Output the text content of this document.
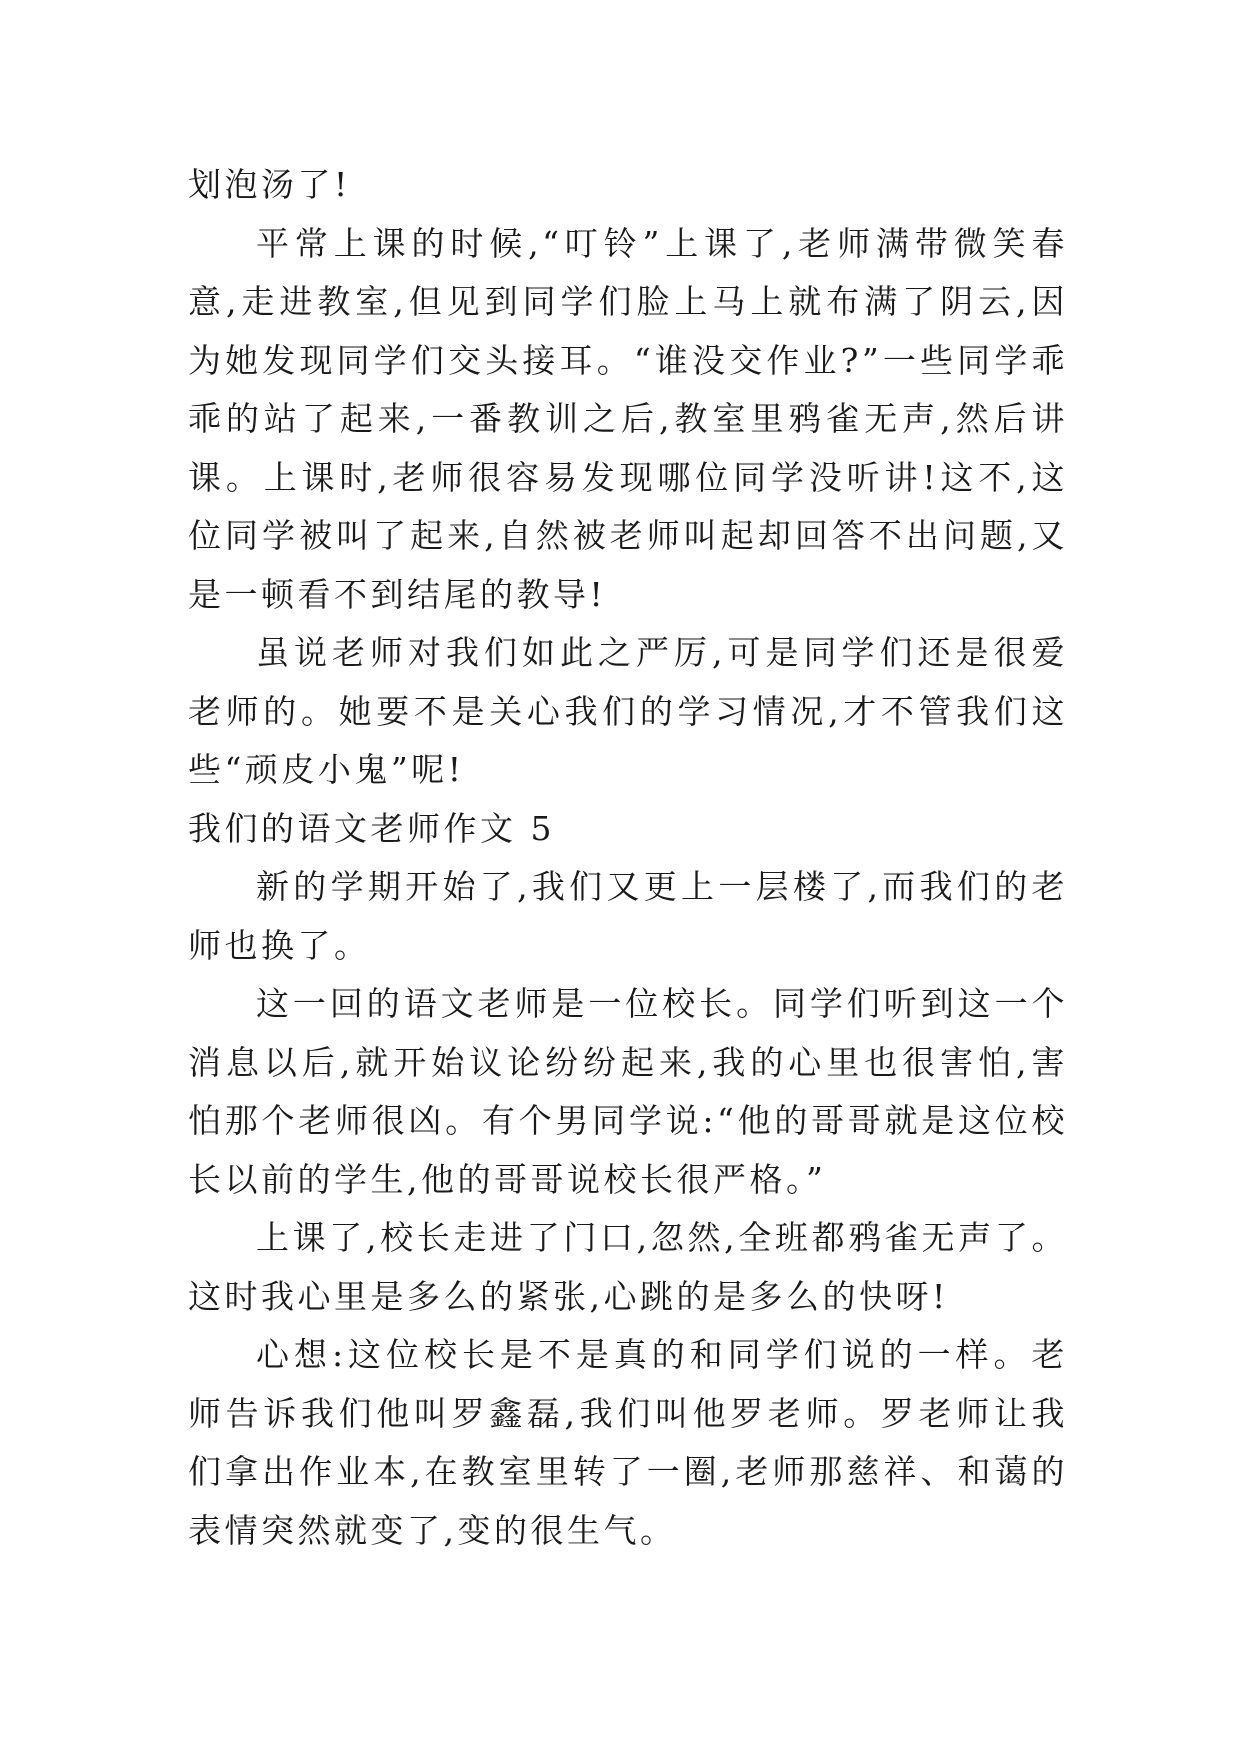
划泡汤了!

平常上课的时候,“叮铃”上课了,老师满带微笑春意,走进教室,但见到同学们脸上马上就布满了阴云,因为她发现同学们交头接耳。“谁没交作业?”一些同学乖乖的站了起来,一番教训之后,教室里鸦雀无声,然后讲课。上课时,老师很容易发现哪位同学没听讲!这不,这位同学被叫了起来,自然被老师叫起却回答不出问题,又是一顿看不到结尾的教导!

虽说老师对我们如此之严厉,可是同学们还是很爱老师的。她要不是关心我们的学习情况,才不管我们这些“顽皮小鬼”呢!

我们的语文老师作文 5

新的学期开始了,我们又更上一层楼了,而我们的老师也换了。

这一回的语文老师是一位校长。同学们听到这一个消息以后,就开始议论纷纷起来,我的心里也很害怕,害怕那个老师很凶。有个男同学说:“他的哥哥就是这位校长以前的学生,他的哥哥说校长很严格。”

上课了,校长走进了门口,忽然,全班都鸦雀无声了。这时我心里是多么的紧张,心跳的是多么的快呀!

心想:这位校长是不是真的和同学们说的一样。老师告诉我们他叫罗鑫磊,我们叫他罗老师。罗老师让我们拿出作业本,在教室里转了一圈,老师那慈祥、和蔼的表情突然就变了,变的很生气。
